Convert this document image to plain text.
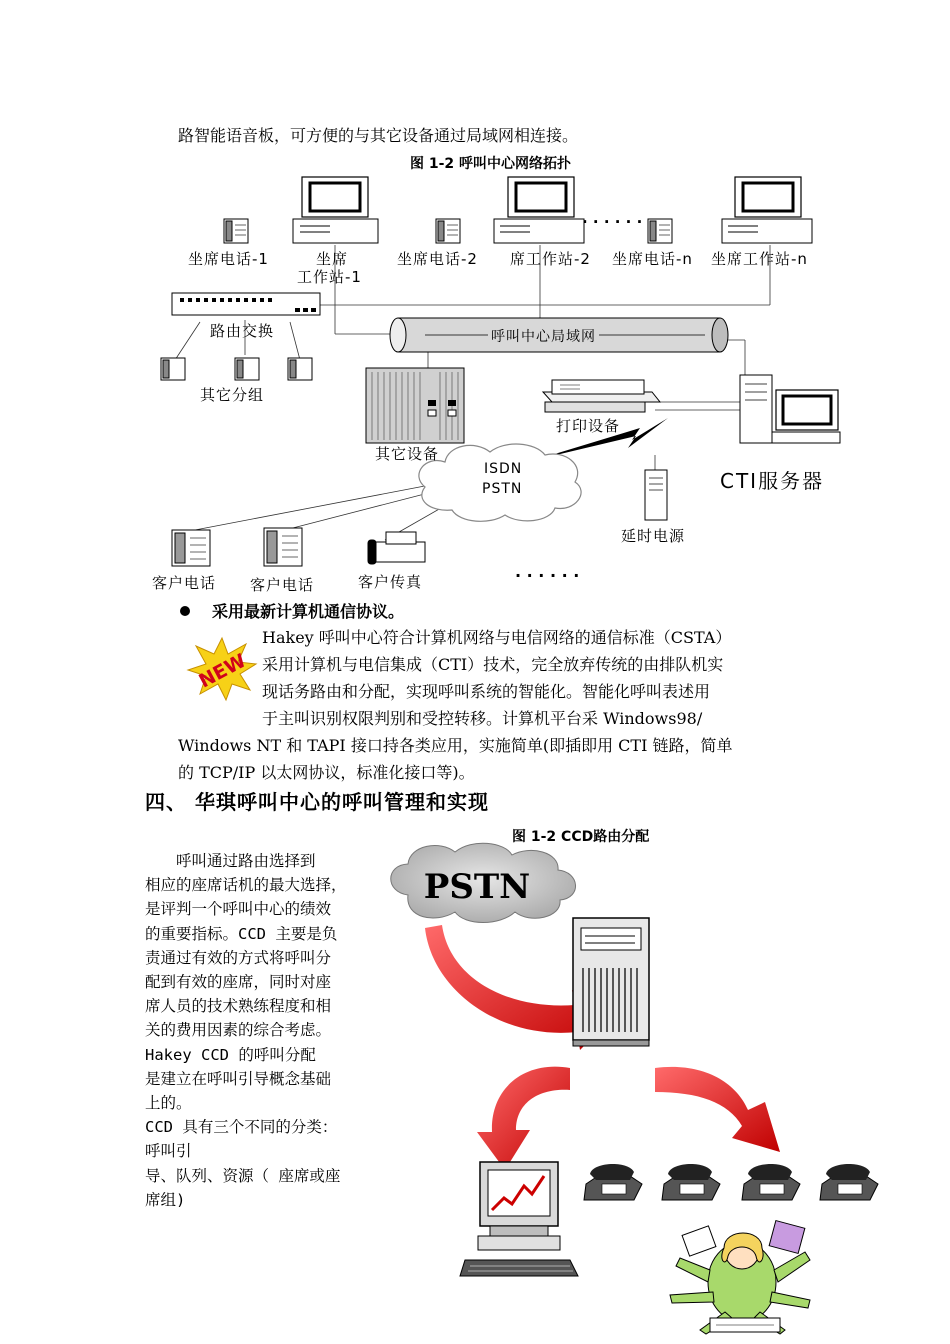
路智能语音板，可方便的与其它设备通过局域网相连接。
图 1-2 呼叫中心网络拓扑
坐席电话-1	坐席
工作站-1
坐席电话-2 席工作站-2 坐席电话-n 坐席工作站-n
· · · · · ·
路由交换	呼叫中心局域网
其它分组
其它设备
打印设备
ISDN
PSTN	CTI服务器
延时电源
客户电话 客户电话	客户传真	· · · · · ·
采用最新计算机通信协议。
NEW
Hakey 呼叫中心符合计算机网络与电信网络的通信标准（CSTA）
采用计算机与电信集成（CTI）技术，完全放弃传统的由排队机实
现话务路由和分配，实现呼叫系统的智能化。智能化呼叫表述用
于主叫识别权限判别和受控转移。计算机平台采 Windows98/
Windows NT 和 TAPI 接口持各类应用，实施简单(即插即用 CTI 链路，简单
的 TCP/IP 以太网协议，标准化接口等)。
四、 华琪呼叫中心的呼叫管理和实现
图 1-2 CCD路由分配
　　呼叫通过路由选择到
相应的座席话机的最大选择，
是评判一个呼叫中心的绩效
的重要指标。CCD 主要是负
责通过有效的方式将呼叫分
配到有效的座席，同时对座
席人员的技术熟练程度和相
关的费用因素的综合考虑。
Hakey CCD 的呼叫分配
是建立在呼叫引导概念基础
上的。
CCD 具有三个不同的分类：
呼叫引
导、队列、资源（ 座席或座
席组)
PSTN
